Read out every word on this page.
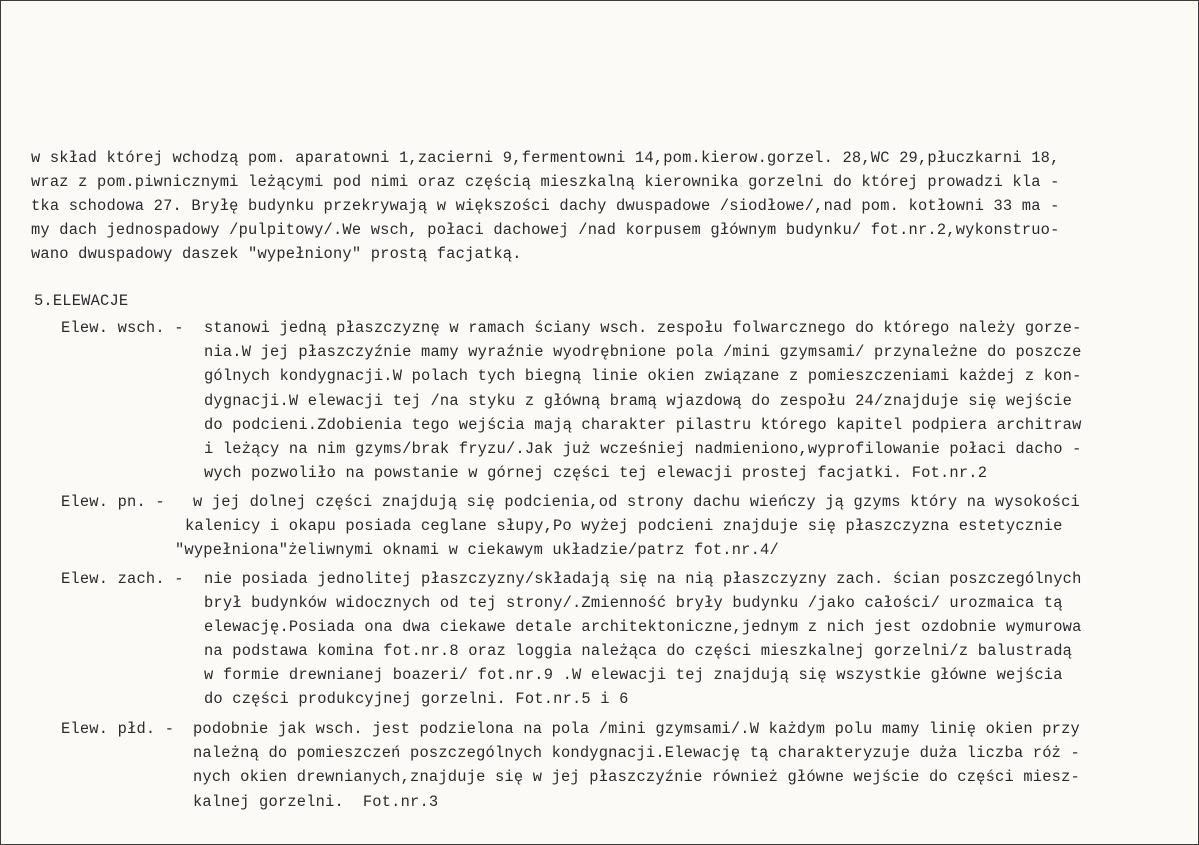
w skład której wchodzą pom. aparatowni 1,zacierni 9,fermentowni 14,pom.kierow.gorzel. 28,WC 29,płuczkarni 18,
wraz z pom.piwnicznymi leżącymi pod nimi oraz częścią mieszkalną kierownika gorzelni do której prowadzi kla -
tka schodowa 27. Bryłę budynku przekrywają w większości dachy dwuspadowe /siodłowe/,nad pom. kotłowni 33 ma -
my dach jednospadowy /pulpitowy/.We wsch, połaci dachowej /nad korpusem głównym budynku/ fot.nr.2,wykonstruo-
wano dwuspadowy daszek "wypełniony" prostą facjatką.
5.ELEWACJE
Elew. wsch. - stanowi jedną płaszczyznę w ramach ściany wsch. zespołu folwarcznego do którego należy gorze-
nia.W jej płaszczyźnie mamy wyraźnie wyodrębnione pola /mini gzymsami/ przynależne do poszcze
gólnych kondygnacji.W polach tych biegną linie okien związane z pomieszczeniami każdej z kon-
dygnacji.W elewacji tej /na styku z główną bramą wjazdową do zespołu 24/znajduje się wejście
do podcieni.Zdobienia tego wejścia mają charakter pilastru którego kapitel podpiera architraw
i leżący na nim gzyms/brak fryzu/.Jak już wcześniej nadmieniono,wyprofilowanie połaci dacho -
wych pozwoliło na powstanie w górnej części tej elewacji prostej facjatki. Fot.nr.2
Elew. pn. - w jej dolnej części znajdują się podcienia,od strony dachu wieńczy ją gzyms który na wysokości
kalenicy i okapu posiada ceglane słupy,Po wyżej podcieni znajduje się płaszczyzna estetycznie
"wypełniona"żeliwnymi oknami w ciekawym układzie/patrz fot.nr.4/
Elew. zach. - nie posiada jednolitej płaszczyzny/składają się na nią płaszczyzny zach. ścian poszczególnych
brył budynków widocznych od tej strony/.Zmienność bryły budynku /jako całości/ urozmaica tą
elewację.Posiada ona dwa ciekawe detale architektoniczne,jednym z nich jest ozdobnie wymurowa
na podstawa komina fot.nr.8 oraz loggia należąca do części mieszkalnej gorzelni/z balustradą
w formie drewnianej boazeri/ fot.nr.9 .W elewacji tej znajdują się wszystkie główne wejścia
do części produkcyjnej gorzelni. Fot.nr.5 i 6
Elew. płd. - podobnie jak wsch. jest podzielona na pola /mini gzymsami/.W każdym polu mamy linię okien przy
należną do pomieszczeń poszczególnych kondygnacji.Elewację tą charakteryzuje duża liczba róż -
nych okien drewnianych,znajduje się w jej płaszczyźnie również główne wejście do części miesz-
kalnej gorzelni.  Fot.nr.3
